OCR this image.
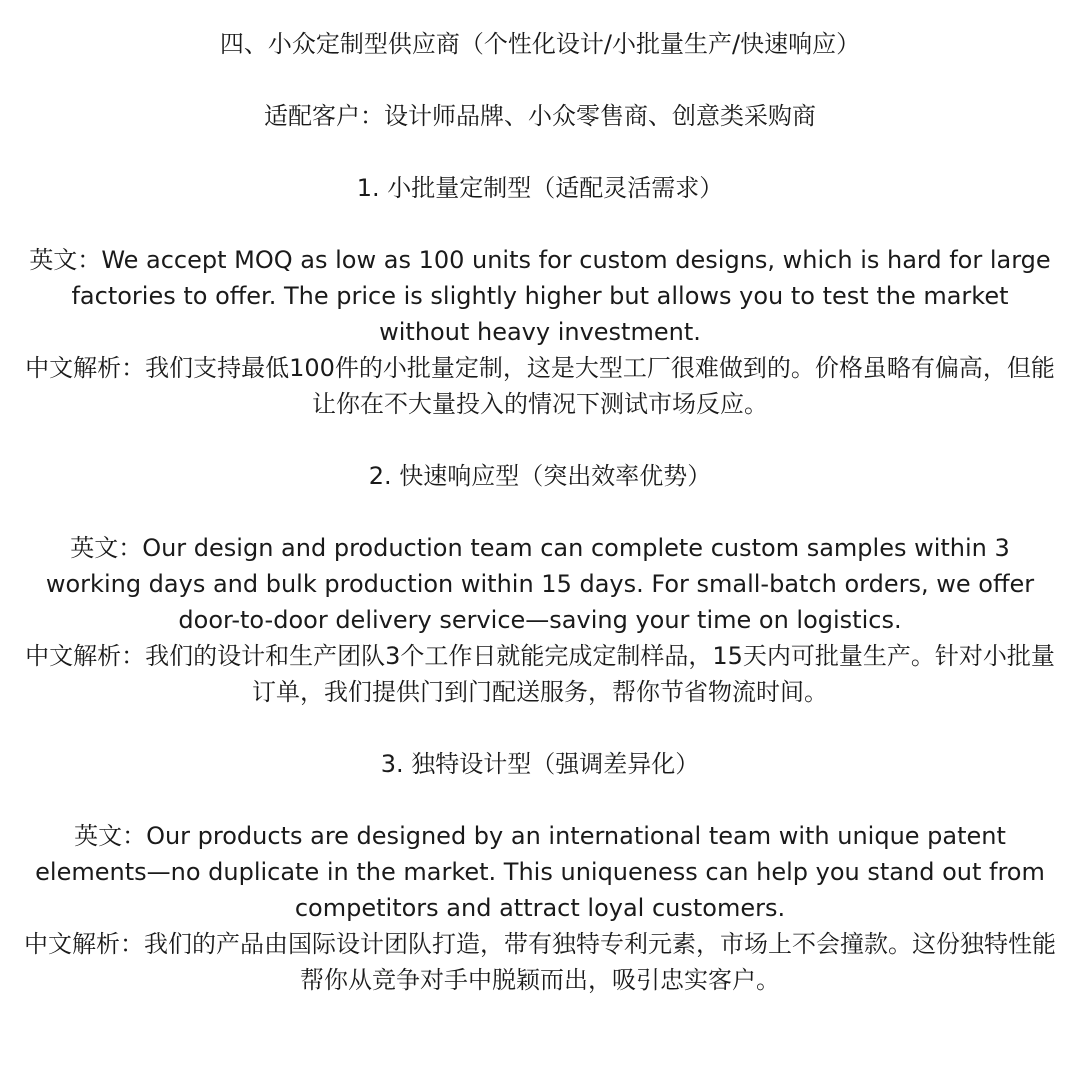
四、小众定制型供应商（个性化设计/小批量生产/快速响应）

适配客户：设计师品牌、小众零售商、创意类采购商

1. 小批量定制型（适配灵活需求）

英文：We accept MOQ as low as 100 units for custom designs, which is hard for large factories to offer. The price is slightly higher but allows you to test the market without heavy investment.

中文解析：我们支持最低100件的小批量定制，这是大型工厂很难做到的。价格虽略有偏高，但能让你在不大量投入的情况下测试市场反应。

2. 快速响应型（突出效率优势）

英文：Our design and production team can complete custom samples within 3 working days and bulk production within 15 days. For small-batch orders, we offer door-to-door delivery service—saving your time on logistics.

中文解析：我们的设计和生产团队3个工作日就能完成定制样品，15天内可批量生产。针对小批量订单，我们提供门到门配送服务，帮你节省物流时间。

3. 独特设计型（强调差异化）

英文：Our products are designed by an international team with unique patent elements—no duplicate in the market. This uniqueness can help you stand out from competitors and attract loyal customers.

中文解析：我们的产品由国际设计团队打造，带有独特专利元素，市场上不会撞款。这份独特性能帮你从竞争对手中脱颖而出，吸引忠实客户。
